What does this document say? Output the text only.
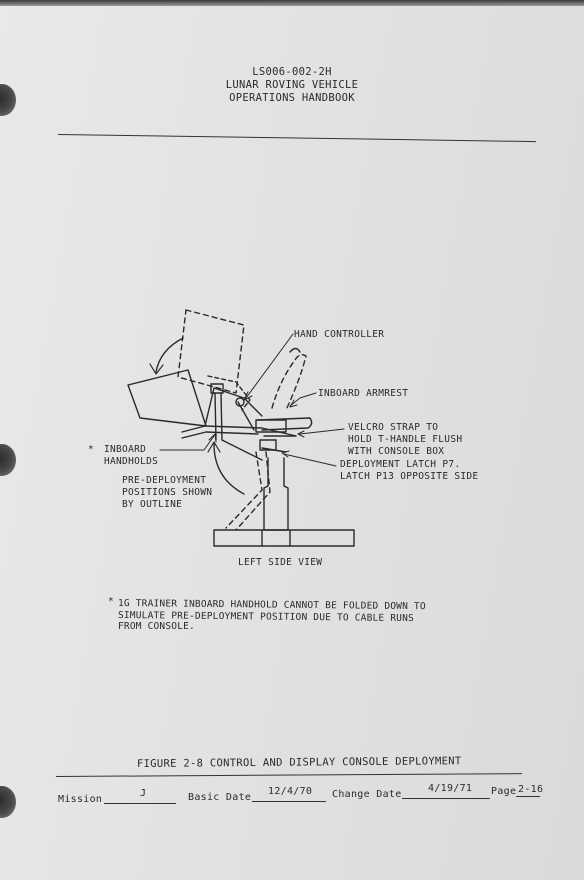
LS006-002-2H
LUNAR ROVING VEHICLE
OPERATIONS HANDBOOK
HAND CONTROLLER
INBOARD ARMREST
VELCRO STRAP TO
HOLD T-HANDLE FLUSH
WITH CONSOLE BOX
DEPLOYMENT LATCH P7.
LATCH P13 OPPOSITE SIDE
* INBOARD
HANDHOLDS
PRE-DEPLOYMENT
POSITIONS SHOWN
BY OUTLINE
LEFT SIDE VIEW
* 1G TRAINER INBOARD HANDHOLD CANNOT BE FOLDED DOWN TO
SIMULATE PRE-DEPLOYMENT POSITION DUE TO CABLE RUNS
FROM CONSOLE.
FIGURE 2-8 CONTROL AND DISPLAY CONSOLE DEPLOYMENT
Mission
J	Basic Date
12/4/70 Change Date
4/19/71 Page 2-16
